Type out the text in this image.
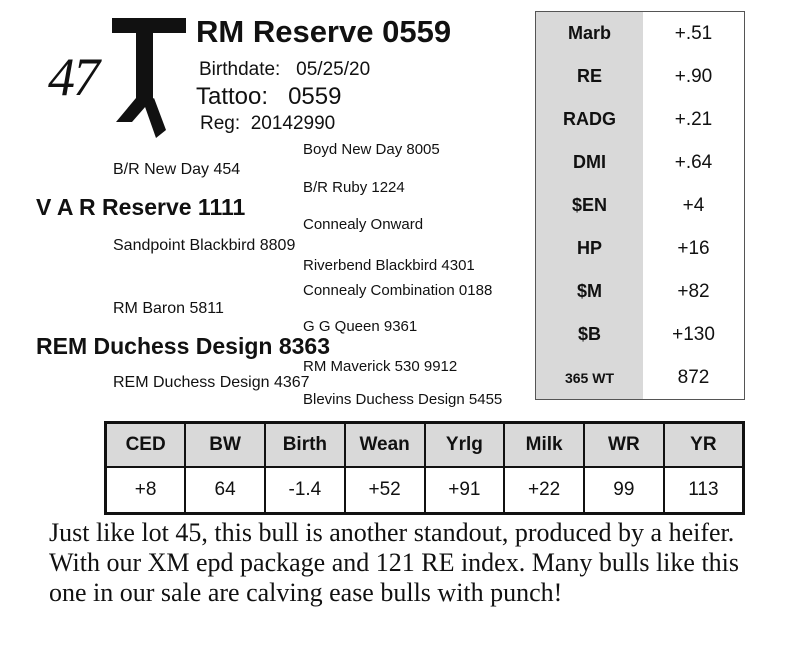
47
RM Reserve 0559
Birthdate: 05/25/20
Tattoo: 0559
Reg: 20142990
Boyd New Day 8005
B/R New Day 454
B/R Ruby 1224
V A R Reserve 1111
Connealy Onward
Sandpoint Blackbird 8809
Riverbend Blackbird 4301
Connealy Combination 0188
RM Baron 5811
G G Queen 9361
REM Duchess Design 8363
RM Maverick 530 9912
REM Duchess Design 4367
Blevins Duchess Design 5455
Marb	+.51
RE	+.90
RADG	+.21
DMI	+.64
$EN	+4
HP	+16
$M	+82
$B	+130
365 WT	872
CED	BW	Birth	Wean	Yrlg	Milk	WR	YR
+8	64	-1.4	+52	+91	+22	99	113
Just like lot 45, this bull is another standout, produced by a heifer. With our XM epd package and 121 RE index. Many bulls like this one in our sale are calving ease bulls with punch!
